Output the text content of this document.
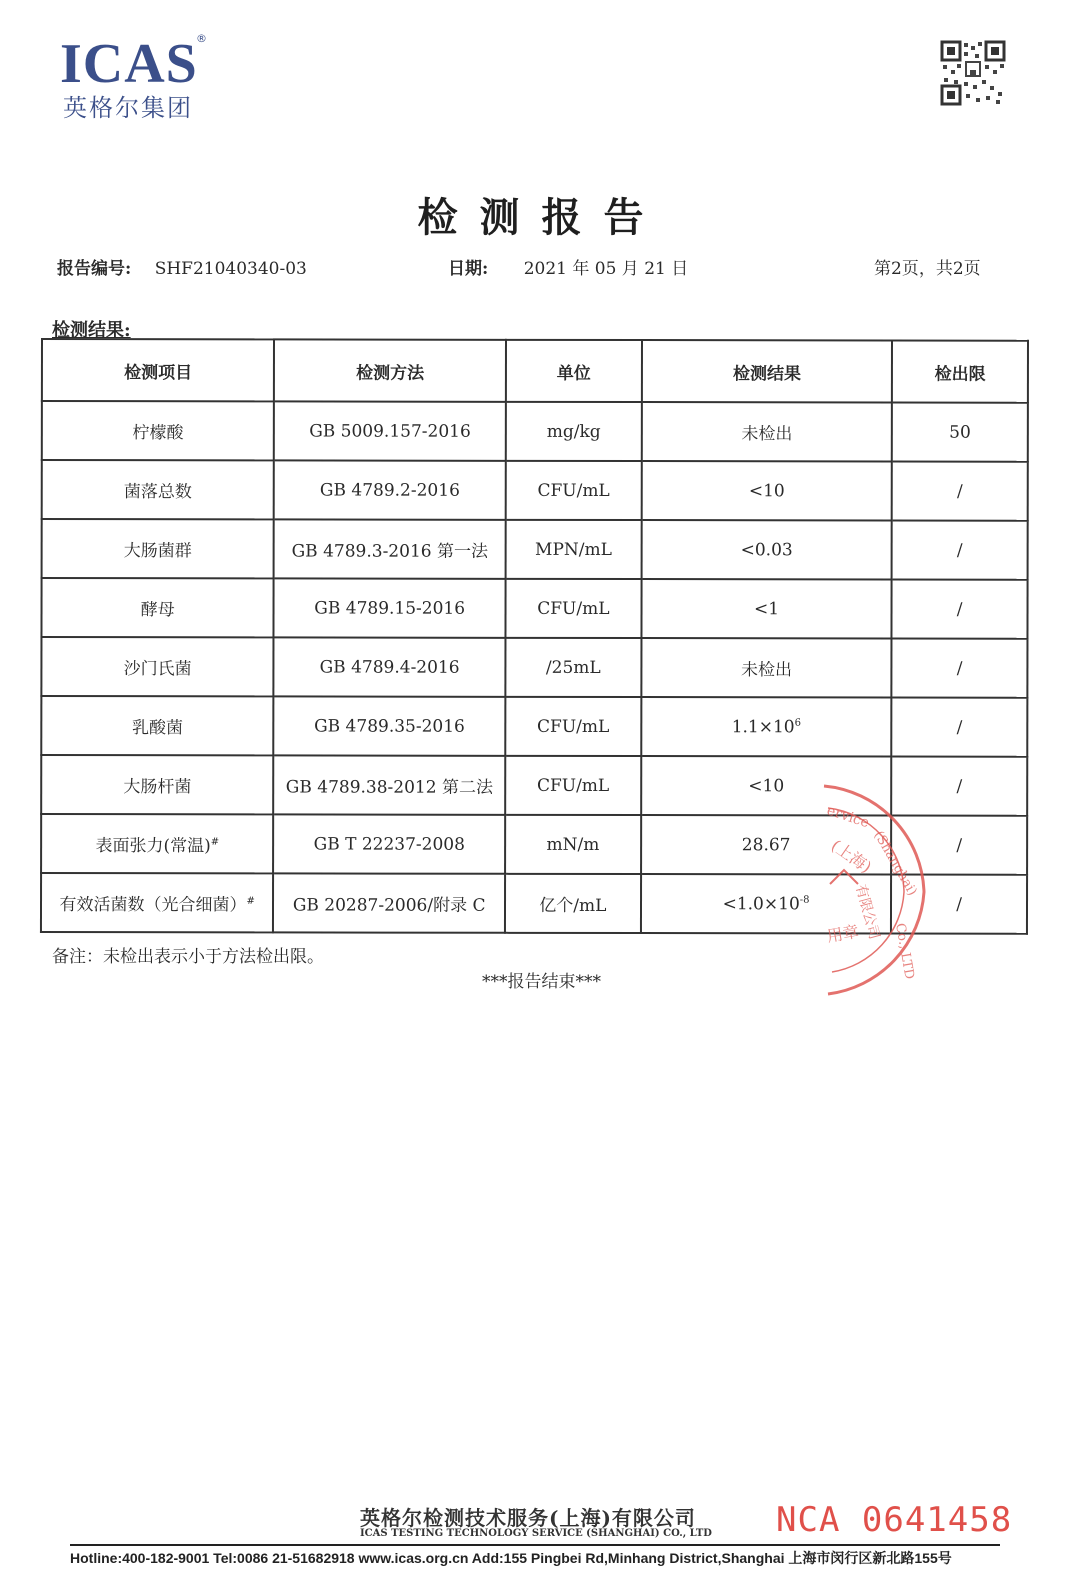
ICAS
®
英格尔集团
检测报告
报告编号: SHF21040340-03	日期: 2021 年 05 月 21 日	第2页，共2页
检测结果:
检测项目	检测方法	单位	检测结果	检出限
柠檬酸	GB 5009.157-2016	mg/kg	未检出	50
菌落总数	GB 4789.2-2016	CFU/mL	<10	/
大肠菌群	GB 4789.3-2016 第一法	MPN/mL	<0.03	/
酵母	GB 4789.15-2016	CFU/mL	<1	/
沙门氏菌	GB 4789.4-2016	/25mL	未检出	/
乳酸菌	GB 4789.35-2016	CFU/mL	$1.1\times 10^6$	/
大肠杆菌	GB 4789.38-2012 第二法	CFU/mL	<10	/
表面张力(常温)#	GB T 22237-2008	mN/m	28.67	/
有效活菌数（光合细菌）#	GB 20287-2006/附录 C	亿个/mL	$<1.0\times 10^{-8}$	/
ervice
(Shanghai)
Co., LTD
(上海)
有限公司
用章
备注：未检出表示小于方法检出限。
***报告结束***
英格尔检测技术服务(上海)有限公司
ICAS TESTING TECHNOLOGY SERVICE (SHANGHAI) CO., LTD NCA 0641458
Hotline:400-182-9001 Tel:0086 21-51682918 www.icas.org.cn Add:155 Pingbei Rd,Minhang District,Shanghai 上海市闵行区新北路155号
